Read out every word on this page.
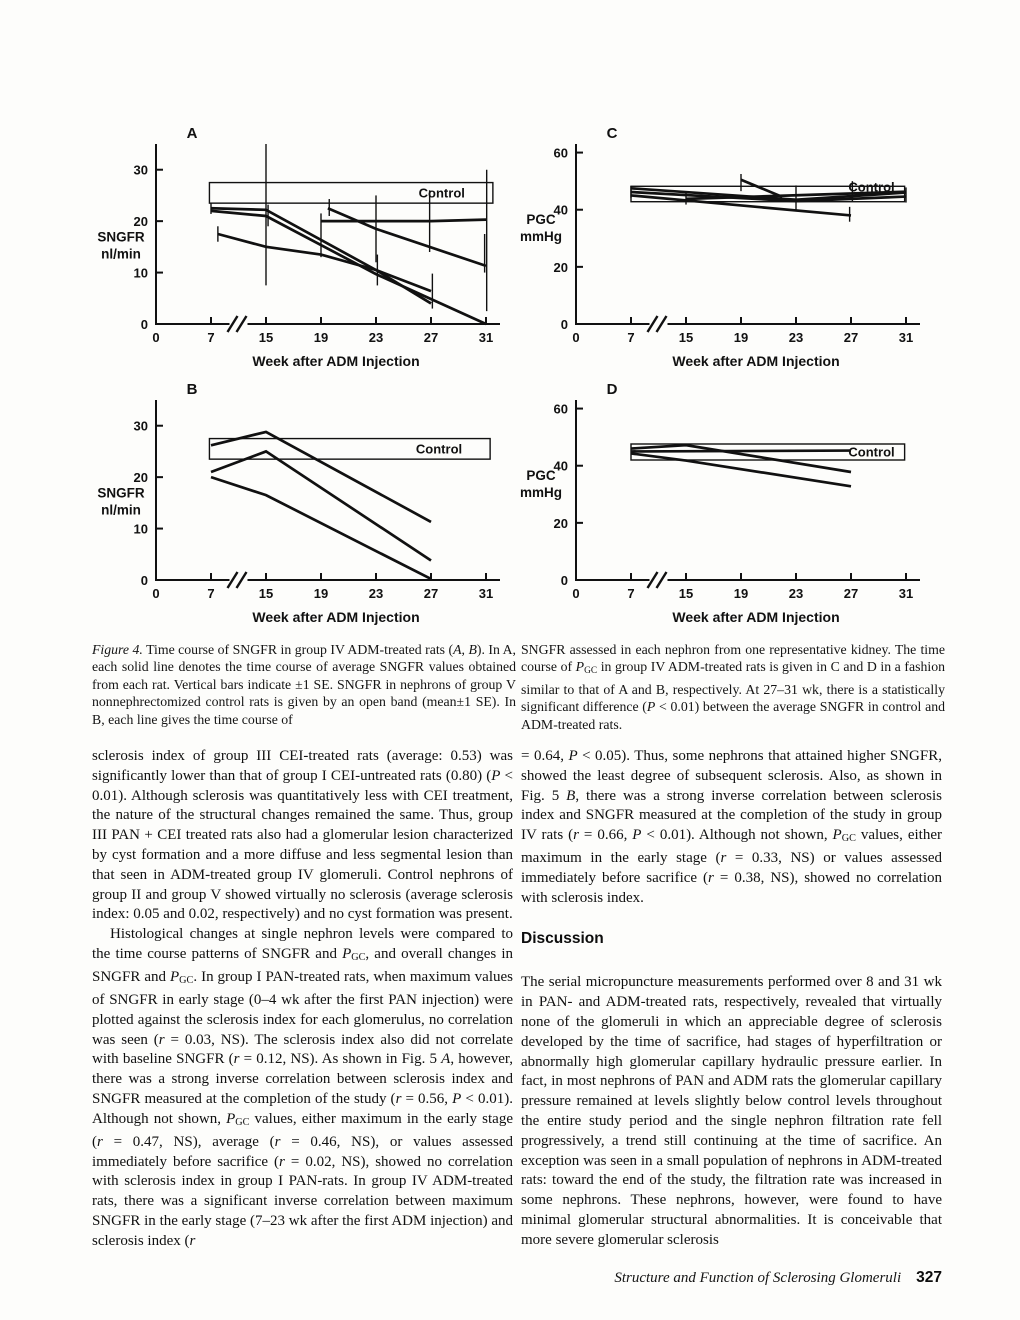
Control
0	7	15	19	23	27	31
0
10
20
30
A
SNGFR
nl/min
Week after ADM Injection
Control
0	7	15	19	23	27	31
0
10
20
30
B
SNGFR
nl/min
Week after ADM Injection
Control
0	7	15	19	23	27	31
0
20
40
60
C
PGC
mmHg
Week after ADM Injection
Control
0	7	15	19	23	27	31
0
20
40
60
D
PGC
mmHg
Week after ADM Injection
Figure 4. Time course of SNGFR in group IV ADM-treated rats (A, B). In A, each solid line denotes the time course of average SNGFR values obtained from each rat. Vertical bars indicate ±1 SE. SNGFR in nephrons of group V nonnephrectomized control rats is given by an open band (mean±1 SE). In B, each line gives the time course of
SNGFR assessed in each nephron from one representative kidney. The time course of $P_{GC}$ in group IV ADM-treated rats is given in C and D in a fashion similar to that of A and B, respectively. At 27–31 wk, there is a statistically significant difference (P < 0.01) between the average SNGFR in control and ADM-treated rats.

sclerosis index of group III CEI-treated rats (average: 0.53) was significantly lower than that of group I CEI-untreated rats (0.80) (P < 0.01). Although sclerosis was quantitatively less with CEI treatment, the nature of the structural changes remained the same. Thus, group III PAN + CEI treated rats also had a glomerular lesion characterized by cyst formation and a more diffuse and less segmental lesion than that seen in ADM-treated group IV glomeruli. Control nephrons of group II and group V showed virtually no sclerosis (average sclerosis index: 0.05 and 0.02, respectively) and no cyst formation was present.

Histological changes at single nephron levels were compared to the time course patterns of SNGFR and $P_{GC}$, and overall changes in SNGFR and $P_{GC}$. In group I PAN-treated rats, when maximum values of SNGFR in early stage (0–4 wk after the first PAN injection) were plotted against the sclerosis index for each glomerulus, no correlation was seen (r = 0.03, NS). The sclerosis index also did not correlate with baseline SNGFR (r = 0.12, NS). As shown in Fig. 5 A, however, there was a strong inverse correlation between sclerosis index and SNGFR measured at the completion of the study (r = 0.56, P < 0.01). Although not shown, $P_{GC}$ values, either maximum in the early stage (r = 0.47, NS), average (r = 0.46, NS), or values assessed immediately before sacrifice (r = 0.02, NS), showed no correlation with sclerosis index in group I PAN-rats. In group IV ADM-treated rats, there was a significant inverse correlation between maximum SNGFR in the early stage (7–23 wk after the first ADM injection) and sclerosis index (r

= 0.64, P < 0.05). Thus, some nephrons that attained higher SNGFR, showed the least degree of subsequent sclerosis. Also, as shown in Fig. 5 B, there was a strong inverse correlation between sclerosis index and SNGFR measured at the completion of the study in group IV rats (r = 0.66, P < 0.01). Although not shown, $P_{GC}$ values, either maximum in the early stage (r = 0.33, NS) or values assessed immediately before sacrifice (r = 0.38, NS), showed no correlation with sclerosis index.

Discussion

The serial micropuncture measurements performed over 8 and 31 wk in PAN- and ADM-treated rats, respectively, revealed that virtually none of the glomeruli in which an appreciable degree of sclerosis developed by the time of sacrifice, had stages of hyperfiltration or abnormally high glomerular capillary hydraulic pressure earlier. In fact, in most nephrons of PAN and ADM rats the glomerular capillary pressure remained at levels slightly below control levels throughout the entire study period and the single nephron filtration rate fell progressively, a trend still continuing at the time of sacrifice. An exception was seen in a small population of nephrons in ADM-treated rats: toward the end of the study, the filtration rate was increased in some nephrons. These nephrons, however, were found to have minimal glomerular structural abnormalities. It is conceivable that more severe glomerular sclerosis

Structure and Function of Sclerosing Glomeruli 327
